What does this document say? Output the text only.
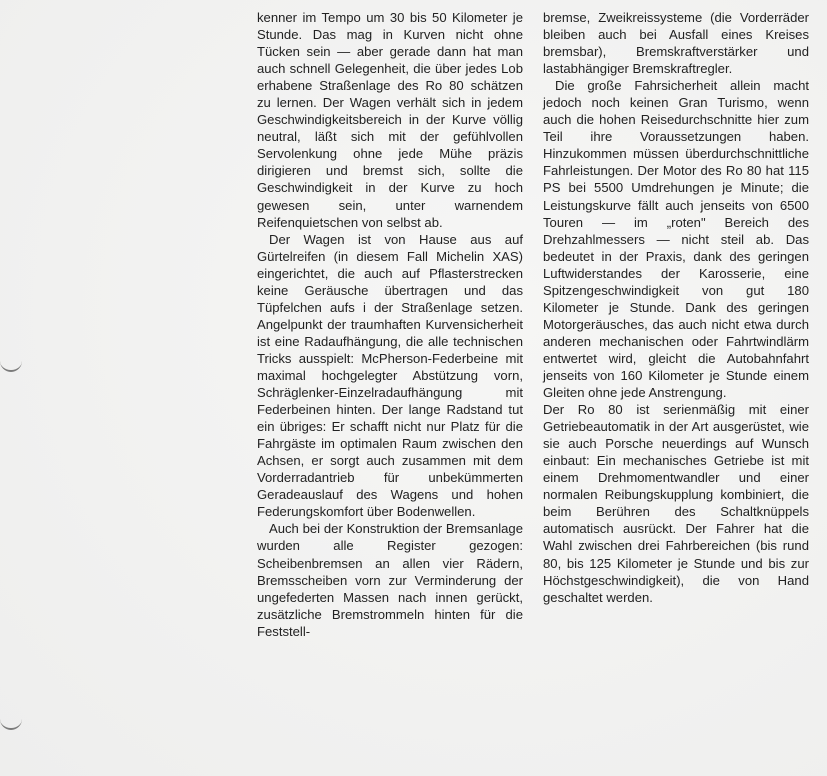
kenner im Tempo um 30 bis 50 Kilometer je Stunde. Das mag in Kurven nicht ohne Tücken sein — aber gerade dann hat man auch schnell Gelegenheit, die über jedes Lob erhabene Straßenlage des Ro 80 schätzen zu lernen. Der Wagen verhält sich in jedem Geschwindigkeitsbereich in der Kurve völlig neutral, läßt sich mit der gefühlvollen Servolenkung ohne jede Mühe präzis dirigieren und bremst sich, sollte die Geschwindigkeit in der Kurve zu hoch gewesen sein, unter warnendem Reifenquietschen von selbst ab.

Der Wagen ist von Hause aus auf Gürtelreifen (in diesem Fall Michelin XAS) eingerichtet, die auch auf Pflasterstrecken keine Geräusche übertragen und das Tüpfelchen aufs i der Straßenlage setzen. Angelpunkt der traumhaften Kurvensicherheit ist eine Radaufhängung, die alle technischen Tricks ausspielt: McPherson-Federbeine mit maximal hochgelegter Abstützung vorn, Schräglenker-Einzelradaufhängung mit Federbeinen hinten. Der lange Radstand tut ein übriges: Er schafft nicht nur Platz für die Fahrgäste im optimalen Raum zwischen den Achsen, er sorgt auch zusammen mit dem Vorderradantrieb für unbekümmerten Geradeauslauf des Wagens und hohen Federungskomfort über Bodenwellen.

Auch bei der Konstruktion der Bremsanlage wurden alle Register gezogen: Scheibenbremsen an allen vier Rädern, Bremsscheiben vorn zur Verminderung der ungefederten Massen nach innen gerückt, zusätzliche Bremstrommeln hinten für die Feststell-

bremse, Zweikreissysteme (die Vorderräder bleiben auch bei Ausfall eines Kreises bremsbar), Bremskraftverstärker und lastabhängiger Bremskraftregler.

Die große Fahrsicherheit allein macht jedoch noch keinen Gran Turismo, wenn auch die hohen Reisedurchschnitte hier zum Teil ihre Voraussetzungen haben. Hinzukommen müssen überdurchschnittliche Fahrleistungen. Der Motor des Ro 80 hat 115 PS bei 5500 Umdrehungen je Minute; die Leistungskurve fällt auch jenseits von 6500 Touren — im „roten" Bereich des Drehzahlmessers — nicht steil ab. Das bedeutet in der Praxis, dank des geringen Luftwiderstandes der Karosserie, eine Spitzengeschwindigkeit von gut 180 Kilometer je Stunde. Dank des geringen Motorgeräusches, das auch nicht etwa durch anderen mechanischen oder Fahrtwindlärm entwertet wird, gleicht die Autobahnfahrt jenseits von 160 Kilometer je Stunde einem Gleiten ohne jede Anstrengung.

Der Ro 80 ist serienmäßig mit einer Getriebeautomatik in der Art ausgerüstet, wie sie auch Porsche neuerdings auf Wunsch einbaut: Ein mechanisches Getriebe ist mit einem Drehmomentwandler und einer normalen Reibungskupplung kombiniert, die beim Berühren des Schaltknüppels automatisch ausrückt. Der Fahrer hat die Wahl zwischen drei Fahrbereichen (bis rund 80, bis 125 Kilometer je Stunde und bis zur Höchstgeschwindigkeit), die von Hand geschaltet werden.
